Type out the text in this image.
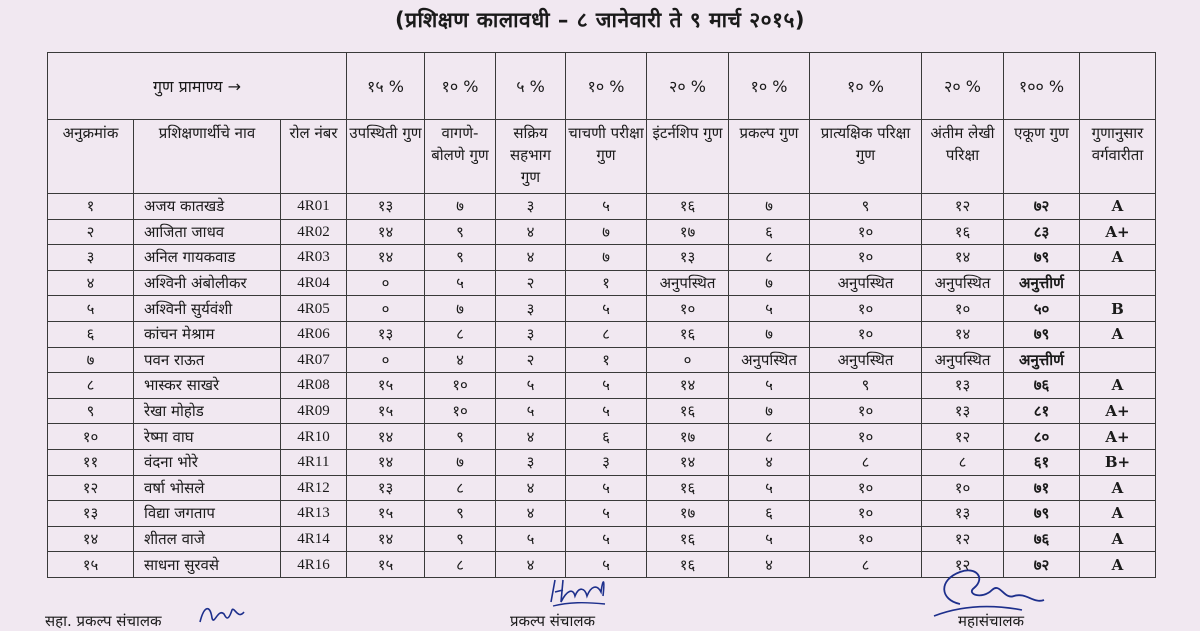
(प्रशिक्षण कालावधी – ८ जानेवारी ते ९ मार्च २०१५)
गुण प्रामाण्य →			१५ %	१० %	५ %	१० %	२० %	१० %	१० %	२० %	१०० %	
अनुक्रमांक	प्रशिक्षणार्थीचे नाव	रोल नंबर	उपस्थिती गुण	वागणे-बोलणे गुण	सक्रिय सहभाग गुण	चाचणी परीक्षा गुण	इंटर्नशिप गुण	प्रकल्प गुण	प्रात्यक्षिक परिक्षा गुण	अंतीम लेखी परिक्षा	एकूण गुण	गुणानुसार वर्गवारीता
१	अजय कातखडे	4R01	१३	७	३	५	१६	७	९	१२	७२	A
२	आजिता जाधव	4R02	१४	९	४	७	१७	६	१०	१६	८३	A+
३	अनिल गायकवाड	4R03	१४	९	४	७	१३	८	१०	१४	७९	A
४	अश्विनी अंबोलीकर	4R04	०	५	२	१	अनुपस्थित	७	अनुपस्थित	अनुपस्थित	अनुत्तीर्ण	
५	अश्विनी सुर्यवंशी	4R05	०	७	३	५	१०	५	१०	१०	५०	B
६	कांचन मेश्राम	4R06	१३	८	३	८	१६	७	१०	१४	७९	A
७	पवन राऊत	4R07	०	४	२	१	०	अनुपस्थित	अनुपस्थित	अनुपस्थित	अनुत्तीर्ण	
८	भास्कर साखरे	4R08	१५	१०	५	५	१४	५	९	१३	७६	A
९	रेखा मोहोड	4R09	१५	१०	५	५	१६	७	१०	१३	८१	A+
१०	रेष्मा वाघ	4R10	१४	९	४	६	१७	८	१०	१२	८०	A+
११	वंदना भोरे	4R11	१४	७	३	३	१४	४	८	८	६१	B+
१२	वर्षा भोसले	4R12	१३	८	४	५	१६	५	१०	१०	७१	A
१३	विद्या जगताप	4R13	१५	९	४	५	१७	६	१०	१३	७९	A
१४	शीतल वाजे	4R14	१४	९	५	५	१६	५	१०	१२	७६	A
१५	साधना सुरवसे	4R16	१५	८	४	५	१६	४	८	१२	७२	A
सहा. प्रकल्प संचालक	प्रकल्प संचालक	महासंचालक
